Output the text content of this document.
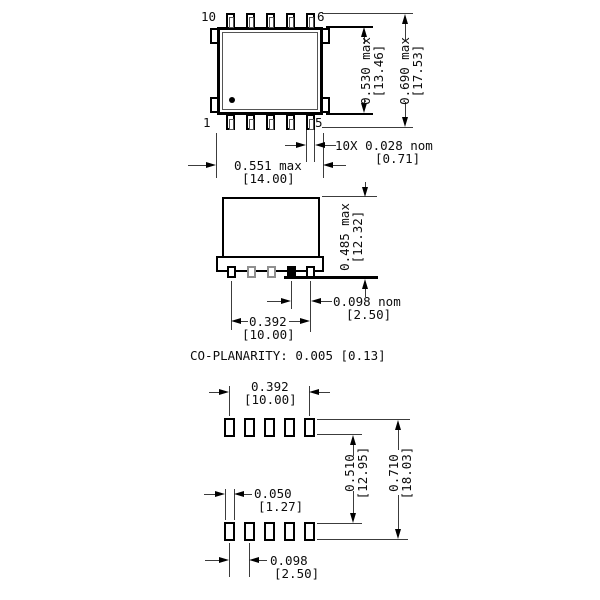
10	6
1	5
0.530 max
[13.46] 0.690 max
[17.53]
10X 0.028 nom
[0.71]
0.551 max
[14.00]
0.485 max
[12.32]
0.098 nom
[2.50]
0.392
[10.00]
CO-PLANARITY: 0.005 [0.13]
0.392
[10.00]
0.510
[12.95] 0.710
[18.03]
0.050
[1.27]
0.098
[2.50]
